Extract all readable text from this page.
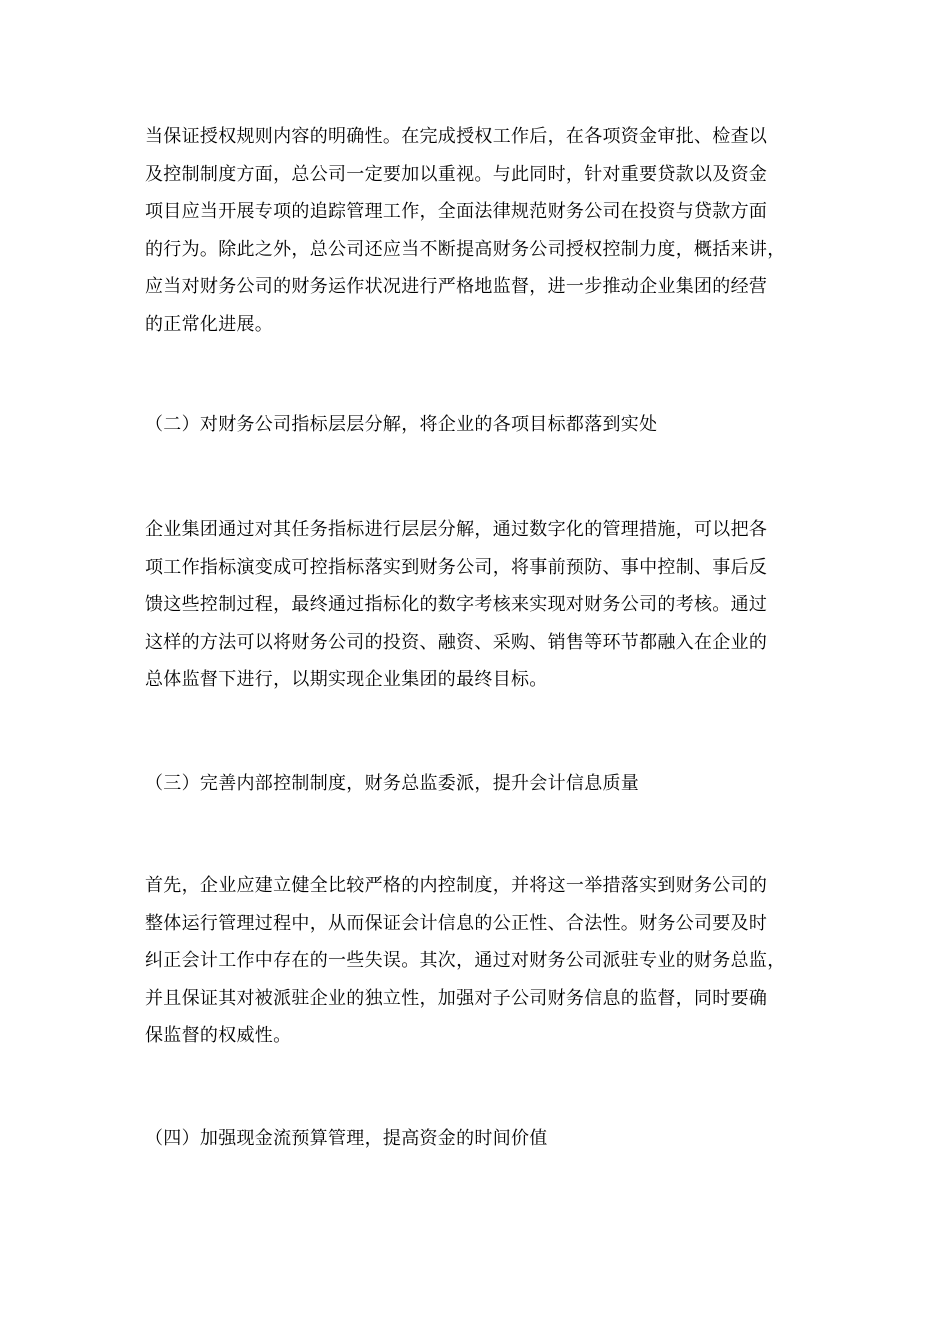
当保证授权规则内容的明确性。在完成授权工作后，在各项资金审批、检查以
及控制制度方面，总公司一定要加以重视。与此同时，针对重要贷款以及资金
项目应当开展专项的追踪管理工作，全面法律规范财务公司在投资与贷款方面
的行为。除此之外，总公司还应当不断提高财务公司授权控制力度，概括来讲，
应当对财务公司的财务运作状况进行严格地监督，进一步推动企业集团的经营
的正常化进展。

（二）对财务公司指标层层分解，将企业的各项目标都落到实处

企业集团通过对其任务指标进行层层分解，通过数字化的管理措施，可以把各
项工作指标演变成可控指标落实到财务公司，将事前预防、事中控制、事后反
馈这些控制过程，最终通过指标化的数字考核来实现对财务公司的考核。通过
这样的方法可以将财务公司的投资、融资、采购、销售等环节都融入在企业的
总体监督下进行，以期实现企业集团的最终目标。

（三）完善内部控制制度，财务总监委派，提升会计信息质量

首先，企业应建立健全比较严格的内控制度，并将这一举措落实到财务公司的
整体运行管理过程中，从而保证会计信息的公正性、合法性。财务公司要及时
纠正会计工作中存在的一些失误。其次，通过对财务公司派驻专业的财务总监，
并且保证其对被派驻企业的独立性，加强对子公司财务信息的监督，同时要确
保监督的权威性。

（四）加强现金流预算管理，提高资金的时间价值
